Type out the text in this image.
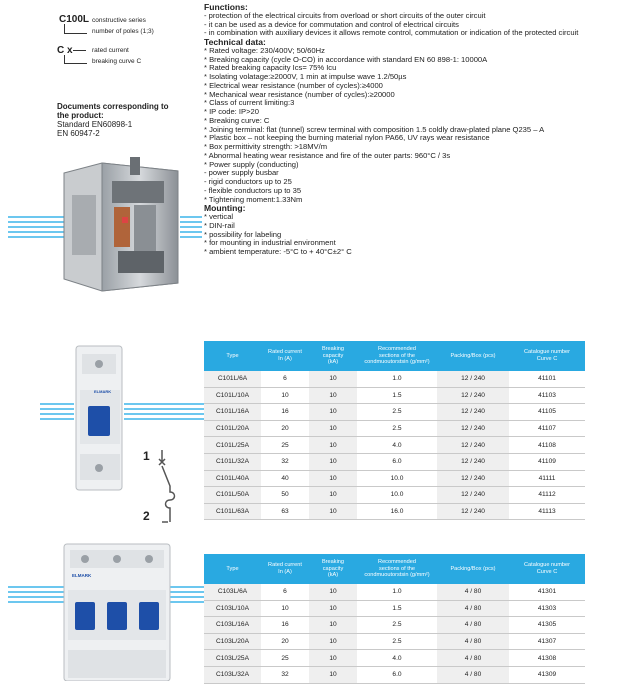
C100L constructive series
number of poles (1;3)
C x	rated current
breaking curve C
Documents corresponding to
the product:
Standard EN60898-1
EN 60947-2
Functions:
- protection of the electrical circuits from overload or short circuits of the outer circuit
- it can be used as a device for commutation and control of electrical circuits
- in combination with auxiliary devices it allows remote control, commutation or indication of the protected circuit
Technical data:
* Rated voltage: 230/400V; 50/60Hz
* Breaking capacity (cycle O-CO) in accordance with standard EN 60 898-1: 10000A
* Rated breaking capacity Ics= 75% Icu
* Isolating volatage:≥2000V, 1 min at impulse wave 1.2/50µs
* Electrical wear resistance (number of cycles):≥4000
* Mechanical wear resistance (number of cycles):≥20000
* Class of current limiting:3
* IP code: IP>20
* Breaking curve: C
* Joining terminal: flat (tunnel) screw terminal with composition 1.5 coldly draw-plated plane Q235 – A
* Plastic box – not keeping the burning material nylon PA66, UV rays wear resistance
* Box permittivity strength: >18MV/m
* Abnormal heating wear resistance and fire of the outer parts: 960°C / 3s
* Power supply (conducting)
- power supply busbar
- rigid conductors up to 25
- flexible conductors up to 35
* Tightening moment:1.33Nm
Mounting:
* vertical
* DIN-rail
* possibility for labeling
* for mounting in industrial environment
* ambient temperature: -5°C to + 40°C±2° C
ELMARK
1
2
Type	Rated current
In (A)	Breaking capacity
(kA)	Recommended
sections of the
condmuoutorstsin (g/mm²)	Packing/Box (pcs)	Catalogue number
Curve C
C101L/6A	6	10	1.0	12 / 240	41101
C101L/10A	10	10	1.5	12 / 240	41103
C101L/16A	16	10	2.5	12 / 240	41105
C101L/20A	20	10	2.5	12 / 240	41107
C101L/25A	25	10	4.0	12 / 240	41108
C101L/32A	32	10	6.0	12 / 240	41109
C101L/40A	40	10	10.0	12 / 240	41111
C101L/50A	50	10	10.0	12 / 240	41112
C101L/63A	63	10	16.0	12 / 240	41113
ELMARK
Type	Rated current
In (A)	Breaking capacity
(kA)	Recommended
sections of the
condmuoutorstsin (g/mm²)	Packing/Box (pcs)	Catalogue number
Curve C
C103L/6A	6	10	1.0	4 / 80	41301
C103L/10A	10	10	1.5	4 / 80	41303
C103L/16A	16	10	2.5	4 / 80	41305
C103L/20A	20	10	2.5	4 / 80	41307
C103L/25A	25	10	4.0	4 / 80	41308
C103L/32A	32	10	6.0	4 / 80	41309
